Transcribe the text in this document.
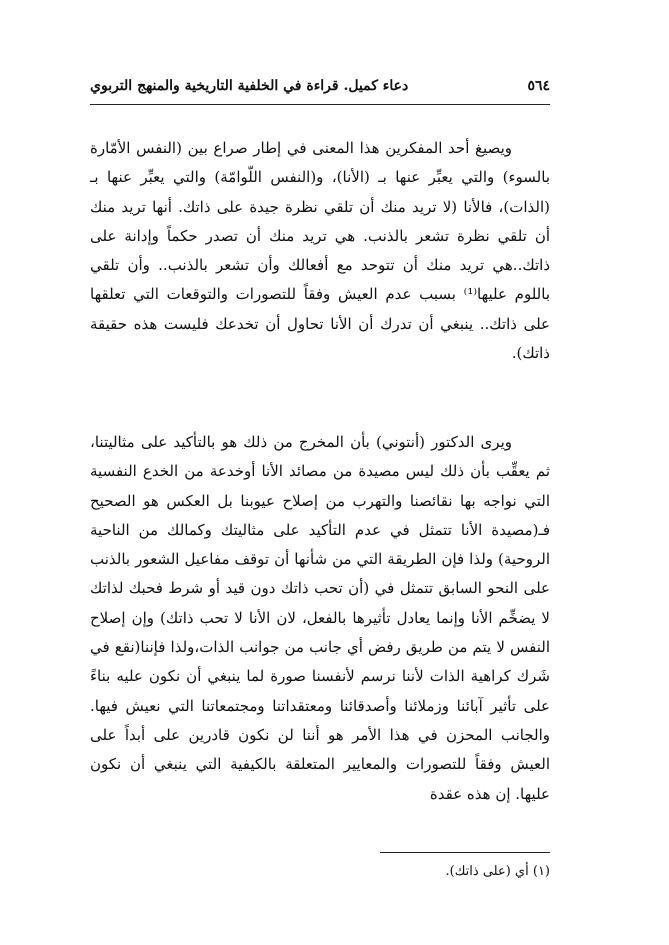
٥٦٤
دعاء كميل. قراءة في الخلفية التاريخية والمنهج التربوي

ويصيغ أحد المفكرين هذا المعنى في إطار صراع بين (النفس الأمّارة بالسوء) والتي يعبِّر عنها بـ (الأنا)، و(النفس اللّوامّة) والتي يعبِّر عنها بـ (الذات)، فالأنا (لا تريد منك أن تلقي نظرة جيدة على ذاتك. أنها تريد منك أن تلقي نظرة تشعر بالذنب. هي تريد منك أن تصدر حكماً وإدانة على ذاتك..هي تريد منك أن تتوحد مع أفعالك وأن تشعر بالذنب.. وأن تلقي باللوم عليها⁽¹⁾ بسبب عدم العيش وفقاً للتصورات والتوقعات التي تعلقها على ذاتك.. ينبغي أن تدرك أن الأنا تحاول أن تخدعك فليست هذه حقيقة ذاتك).

ويرى الدكتور (أنتوني) بأن المخرج من ذلك هو بالتأكيد على مثاليتنا، ثم يعقِّب بأن ذلك ليس مصيدة من مصائد الأنا أوخدعة من الخدع النفسية التي نواجه بها نقائصنا والتهرب من إصلاح عيوبنا بل العكس هو الصحيح فـ(مصيدة الأنا تتمثل في عدم التأكيد على مثاليتك وكمالك من الناحية الروحية) ولذا فإن الطريقة التي من شأنها أن توقف مفاعيل الشعور بالذنب على النحو السابق تتمثل في (أن تحب ذاتك دون قيد أو شرط فحبك لذاتك لا يضخِّم الأنا وإنما يعادل تأثيرها بالفعل، لان الأنا لا تحب ذاتك) وإن إصلاح النفس لا يتم من طريق رفض أي جانب من جوانب الذات،ولذا فإننا(نقع في شَرك كراهية الذات لأننا نرسم لأنفسنا صورة لما ينبغي أن نكون عليه بناءً على تأثير آبائنا وزملائنا وأصدقائنا ومعتقداتنا ومجتمعاتنا التي نعيش فيها. والجانب المحزن في هذا الأمر هو أننا لن نكون قادرين على أبداً على العيش وفقاً للتصورات والمعايير المتعلقة بالكيفية التي ينبغي أن نكون عليها. إن هذه عقدة

(١) أي (على ذاتك).
